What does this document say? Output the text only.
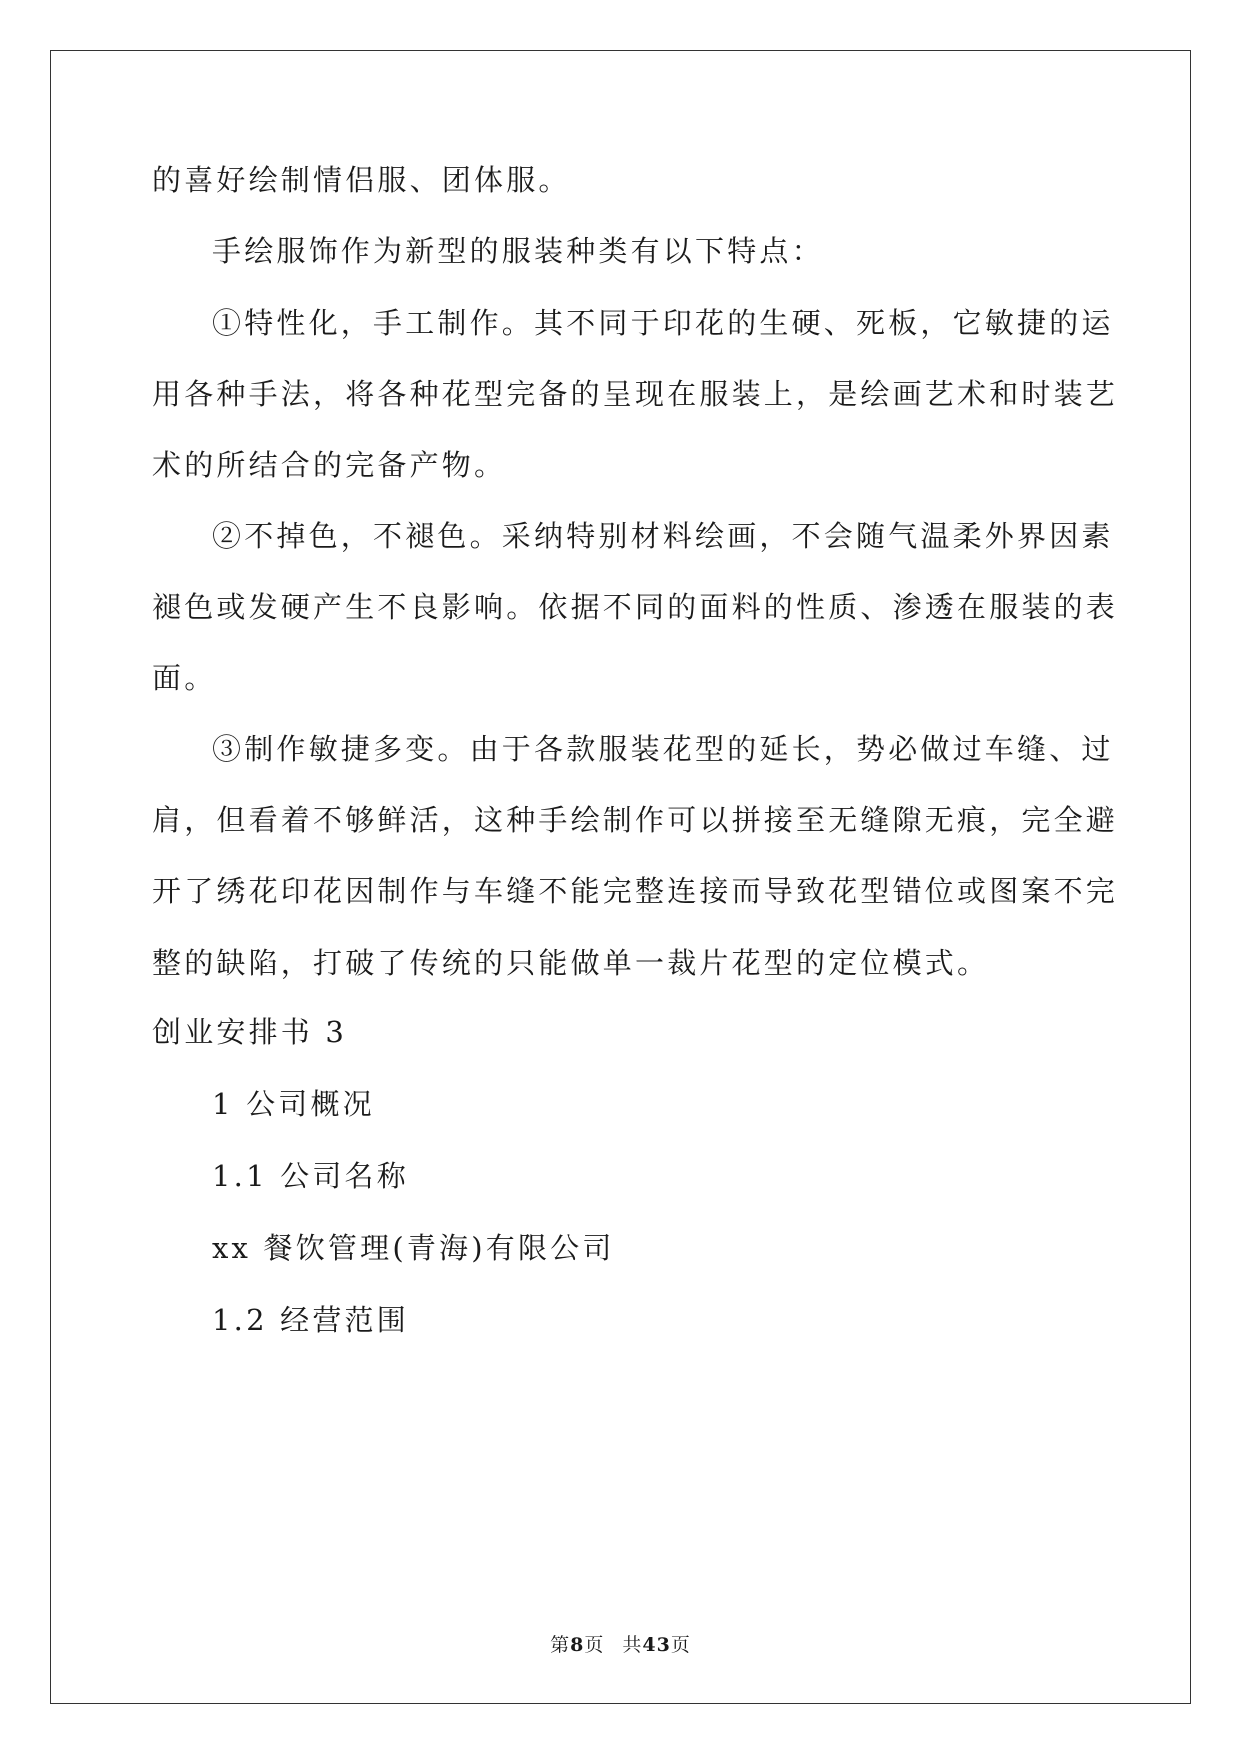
的喜好绘制情侣服、团体服。
手绘服饰作为新型的服装种类有以下特点：
①特性化，手工制作。其不同于印花的生硬、死板，它敏捷的运
用各种手法，将各种花型完备的呈现在服装上，是绘画艺术和时装艺
术的所结合的完备产物。
②不掉色，不褪色。采纳特别材料绘画，不会随气温柔外界因素
褪色或发硬产生不良影响。依据不同的面料的性质、渗透在服装的表
面。
③制作敏捷多变。由于各款服装花型的延长，势必做过车缝、过
肩，但看着不够鲜活，这种手绘制作可以拼接至无缝隙无痕，完全避
开了绣花印花因制作与车缝不能完整连接而导致花型错位或图案不完
整的缺陷，打破了传统的只能做单一裁片花型的定位模式。
创业安排书 3
1 公司概况
1.1 公司名称
xx 餐饮管理(青海)有限公司
1.2 经营范围
第8页 共43页
